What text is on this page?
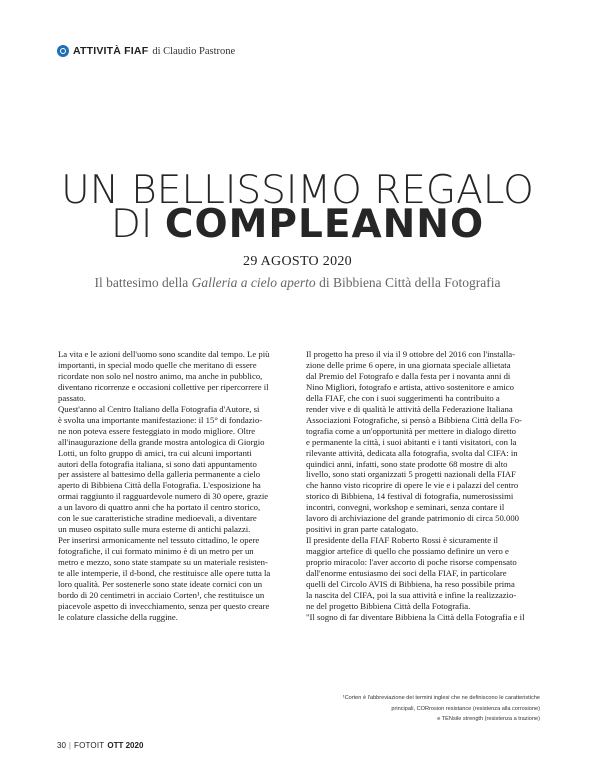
ATTIVITÀ FIAF di Claudio Pastrone
UN BELLISSIMO REGALO
DI COMPLEANNO
29 AGOSTO 2020
Il battesimo della Galleria a cielo aperto di Bibbiena Città della Fotografia

La vita e le azioni dell'uomo sono scandite dal tempo. Le più

importanti, in special modo quelle che meritano di essere

ricordate non solo nel nostro animo, ma anche in pubblico,

diventano ricorrenze e occasioni collettive per ripercorrere il

passato.

Quest'anno al Centro Italiano della Fotografia d'Autore, si

è svolta una importante manifestazione: il 15° di fondazio-

ne non poteva essere festeggiato in modo migliore. Oltre

all'inaugurazione della grande mostra antologica di Giorgio

Lotti, un folto gruppo di amici, tra cui alcuni importanti

autori della fotografia italiana, si sono dati appuntamento

per assistere al battesimo della galleria permanente a cielo

aperto di Bibbiena Città della Fotografia. L'esposizione ha

ormai raggiunto il ragguardevole numero di 30 opere, grazie

a un lavoro di quattro anni che ha portato il centro storico,

con le sue caratteristiche stradine medioevali, a diventare

un museo ospitato sulle mura esterne di antichi palazzi.

Per inserirsi armonicamente nel tessuto cittadino, le opere

fotografiche, il cui formato minimo è di un metro per un

metro e mezzo, sono state stampate su un materiale resisten-

te alle intemperie, il d-bond, che restituisce alle opere tutta la

loro qualità. Per sostenerle sono state ideate cornici con un

bordo di 20 centimetri in acciaio Corten¹, che restituisce un

piacevole aspetto di invecchiamento, senza per questo creare

le colature classiche della ruggine.

Il progetto ha preso il via il 9 ottobre del 2016 con l'installa-

zione delle prime 6 opere, in una giornata speciale allietata

dal Premio del Fotografo e dalla festa per i novanta anni di

Nino Migliori, fotografo e artista, attivo sostenitore e amico

della FIAF, che con i suoi suggerimenti ha contribuito a

render vive e di qualità le attività della Federazione Italiana

Associazioni Fotografiche, si pensò a Bibbiena Città della Fo-

tografia come a un'opportunità per mettere in dialogo diretto

e permanente la città, i suoi abitanti e i tanti visitatori, con la

rilevante attività, dedicata alla fotografia, svolta dal CIFA: in

quindici anni, infatti, sono state prodotte 68 mostre di alto

livello, sono stati organizzati 5 progetti nazionali della FIAF

che hanno visto ricoprire di opere le vie e i palazzi del centro

storico di Bibbiena, 14 festival di fotografia, numerosissimi

incontri, convegni, workshop e seminari, senza contare il

lavoro di archiviazione del grande patrimonio di circa 50.000

positivi in gran parte catalogato.

Il presidente della FIAF Roberto Rossi è sicuramente il

maggior artefice di quello che possiamo definire un vero e

proprio miracolo: l'aver accorto di poche risorse compensato

dall'enorme entusiasmo dei soci della FIAF, in particolare

quelli del Circolo AVIS di Bibbiena, ha reso possibile prima

la nascita del CIFA, poi la sua attività e infine la realizzazio-

ne del progetto Bibbiena Città della Fotografia.

"Il sogno di far diventare Bibbiena la Città della Fotografia e il

¹Corten è l'abbreviazione dei termini inglesi che ne definiscono le caratteristiche

principali, CORrosion resistance (resistenza alla corrosione)

e TENsile strength (resistenza a trazione)

30 | FOTOIT OTT 2020
